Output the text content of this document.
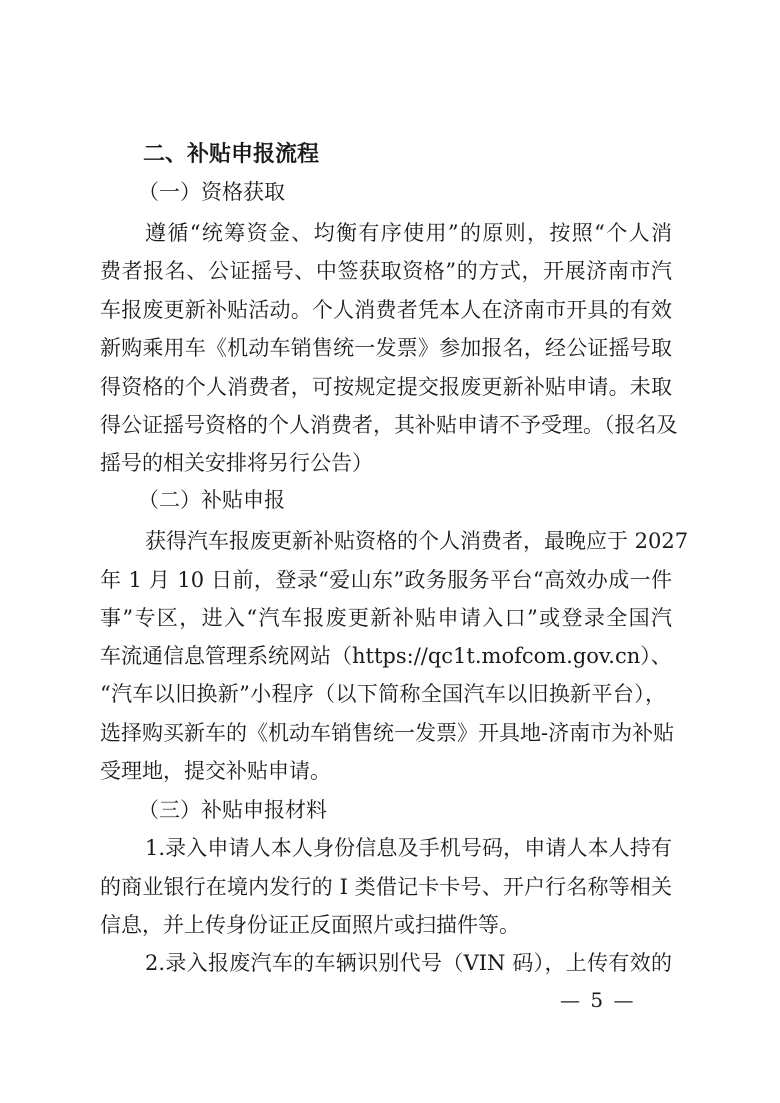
二、补贴申报流程
（一）资格获取
遵循“统筹资金、均衡有序使用”的原则，按照“个人消
费者报名、公证摇号、中签获取资格”的方式，开展济南市汽
车报废更新补贴活动。个人消费者凭本人在济南市开具的有效
新购乘用车《机动车销售统一发票》参加报名，经公证摇号取
得资格的个人消费者，可按规定提交报废更新补贴申请。未取
得公证摇号资格的个人消费者，其补贴申请不予受理。（报名及
摇号的相关安排将另行公告）
（二）补贴申报
获得汽车报废更新补贴资格的个人消费者，最晚应于 2027
年 1 月 10 日前，登录“爱山东”政务服务平台“高效办成一件
事”专区，进入“汽车报废更新补贴申请入口”或登录全国汽
车流通信息管理系统网站（https://qc1t.mofcom.gov.cn）、
“汽车以旧换新”小程序（以下简称全国汽车以旧换新平台），
选择购买新车的《机动车销售统一发票》开具地-济南市为补贴
受理地，提交补贴申请。
（三）补贴申报材料
1.录入申请人本人身份信息及手机号码，申请人本人持有
的商业银行在境内发行的 I 类借记卡卡号、开户行名称等相关
信息，并上传身份证正反面照片或扫描件等。
2.录入报废汽车的车辆识别代号（VIN 码），上传有效的
— 5 —
